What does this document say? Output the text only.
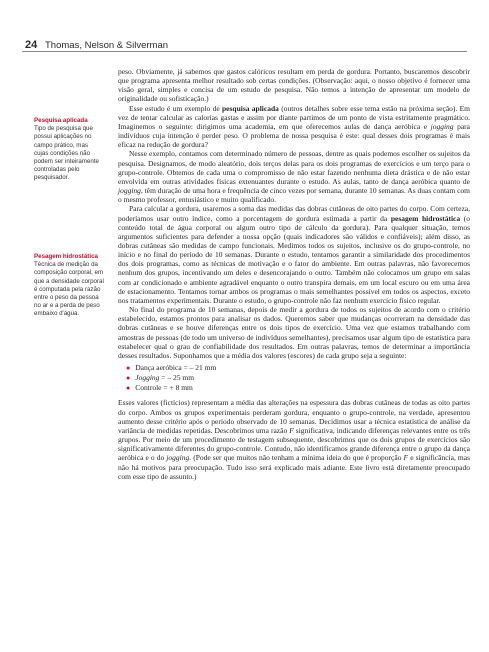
24 Thomas, Nelson & Silverman
Pesquisa aplicada
Tipo de pesquisa que possui aplicações no campo prático, mas cujas condições não podem ser inteiramente controladas pelo pesquisador.
Pesagem hidrostática
Técnica de medição da composição corporal, em que a densidade corporal é computada pela razão entre o peso da pessoa no ar e a perda de peso embaixo d'água.

peso. Obviamente, já sabemos que gastos calóricos resultam em perda de gordura. Portanto, buscaremos descobrir que programa apresenta melhor resultado sob certas condições. (Observação: aqui, o nosso objetivo é fornecer uma visão geral, simples e concisa de um estudo de pesquisa. Não temos a intenção de apresentar um modelo de originalidade ou sofisticação.)

Esse estudo é um exemplo de pesquisa aplicada (outros detalhes sobre esse tema estão na próxima seção). Em vez de tentar calcular as calorias gastas e assim por diante partimos de um ponto de vista estritamente pragmático. Imaginemos o seguinte: dirigimos uma academia, em que oferecemos aulas de dança aeróbica e jogging para indivíduos cuja intenção é perder peso. O problema de nossa pesquisa é este: qual desses dois programas é mais eficaz na redução de gordura?

Nesse exemplo, contamos com determinado número de pessoas, dentre as quais podemos escolher os sujeitos da pesquisa. Designamos, de modo aleatório, dois terços delas para os dois programas de exercícios e um terço para o grupo-controle. Obtemos de cada uma o compromisso de não estar fazendo nenhuma dieta drástica e de não estar envolvida em outras atividades físicas extenuantes durante o estudo. As aulas, tanto de dança aeróbica quanto de jogging, têm duração de uma hora e frequência de cinco vezes por semana, durante 10 semanas. As duas contam com o mesmo professor, entusiástico e muito qualificado.

Para calcular a gordura, usaremos a soma das medidas das dobras cutâneas de oito partes do corpo. Com certeza, poderíamos usar outro índice, como a porcentagem de gordura estimada a partir da pesagem hidrostática (o conteúdo total de água corporal ou algum outro tipo de cálculo da gordura). Para qualquer situação, temos argumentos suficientes para defender a nossa opção (quais indicadores são válidos e confiáveis); além disso, as dobras cutâneas são medidas de campo funcionais. Medimos todos os sujeitos, inclusive os do grupo-controle, no início e no final do período de 10 semanas. Durante o estudo, tentamos garantir a similaridade dos procedimentos dos dois programas, como as técnicas de motivação e o fator do ambiente. Em outras palavras, não favorecemos nenhum dos grupos, incentivando um deles e desencorajando o outro. Também não colocamos um grupo em salas com ar condicionado e ambiente agradável enquanto o outro transpira demais, em um local escuro ou em uma área de estacionamento. Tentamos tornar ambos os programas o mais semelhantes possível em todos os aspectos, exceto nos tratamentos experimentais. Durante o estudo, o grupo-controle não faz nenhum exercício físico regular.

No final do programa de 10 semanas, depois de medir a gordura de todos os sujeitos de acordo com o critério estabelecido, estamos prontos para analisar os dados. Queremos saber que mudanças ocorreram na densidade das dobras cutâneas e se houve diferenças entre os dois tipos de exercício. Uma vez que estamos trabalhando com amostras de pessoas (de todo um universo de indivíduos semelhantes), precisamos usar algum tipo de estatística para estabelecer qual o grau de confiabilidade dos resultados. Em outras palavras, temos de determinar a importância desses resultados. Suponhamos que a média dos valores (escores) de cada grupo seja a seguinte:

● Dança aeróbica = – 21 mm
● Jogging = – 25 mm
● Controle = + 8 mm

Esses valores (fictícios) representam a média das alterações na espessura das dobras cutâneas de todas as oito partes do corpo. Ambos os grupos experimentais perderam gordura, enquanto o grupo-controle, na verdade, apresentou aumento desse critério após o período observado de 10 semanas. Decidimos usar a técnica estatística de análise da variância de medidas repetidas. Descobrimos uma razão F significativa, indicando diferenças relevantes entre os três grupos. Por meio de um procedimento de testagem subsequente, descobrimos que os dois grupos de exercícios são significativamente diferentes do grupo-controle. Contudo, não identificamos grande diferença entre o grupo da dança aeróbica e o do jogging. (Pode ser que muitos não tenham a mínima ideia do que é proporção F e significância, mas não há motivos para preocupação. Tudo isso será explicado mais adiante. Este livro está diretamente preocupado com esse tipo de assunto.)
